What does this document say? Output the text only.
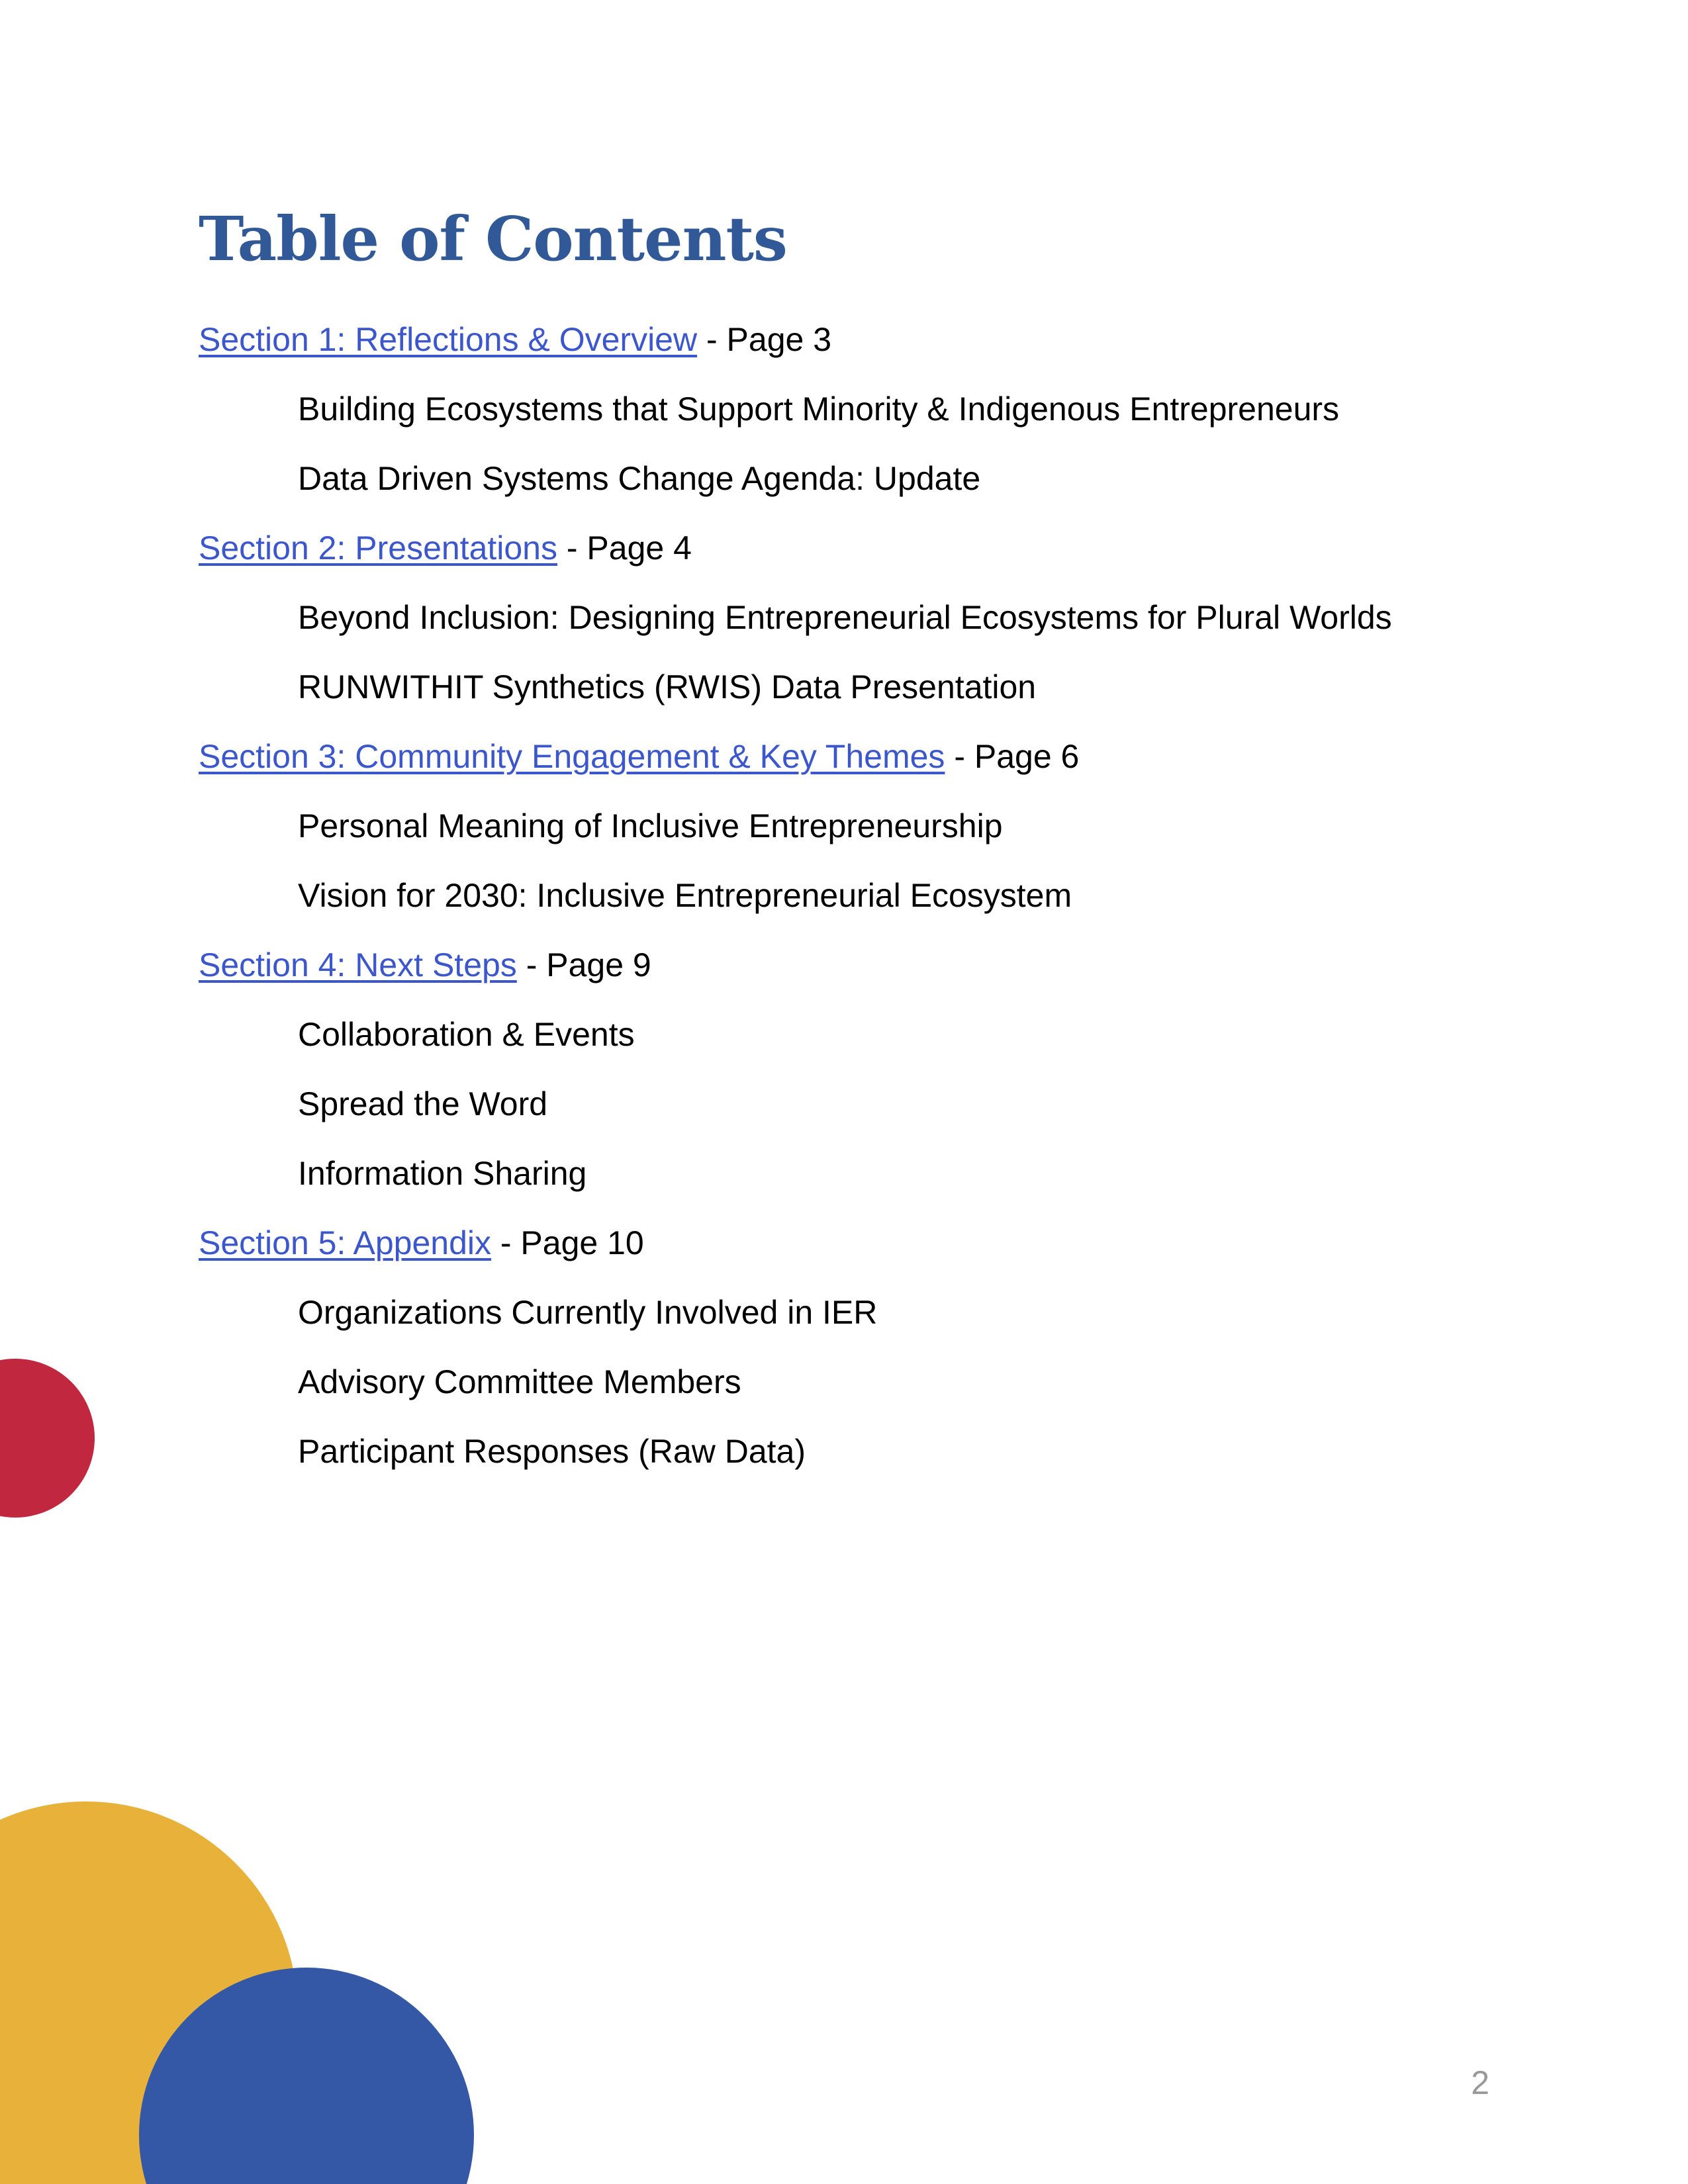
Table of Contents
Section 1: Reflections & Overview - Page 3
Building Ecosystems that Support Minority & Indigenous Entrepreneurs
Data Driven Systems Change Agenda: Update
Section 2: Presentations - Page 4
Beyond Inclusion: Designing Entrepreneurial Ecosystems for Plural Worlds
RUNWITHIT Synthetics (RWIS) Data Presentation
Section 3: Community Engagement & Key Themes - Page 6
Personal Meaning of Inclusive Entrepreneurship
Vision for 2030: Inclusive Entrepreneurial Ecosystem
Section 4: Next Steps - Page 9
Collaboration & Events
Spread the Word
Information Sharing
Section 5: Appendix - Page 10
Organizations Currently Involved in IER
Advisory Committee Members
Participant Responses (Raw Data)
2
